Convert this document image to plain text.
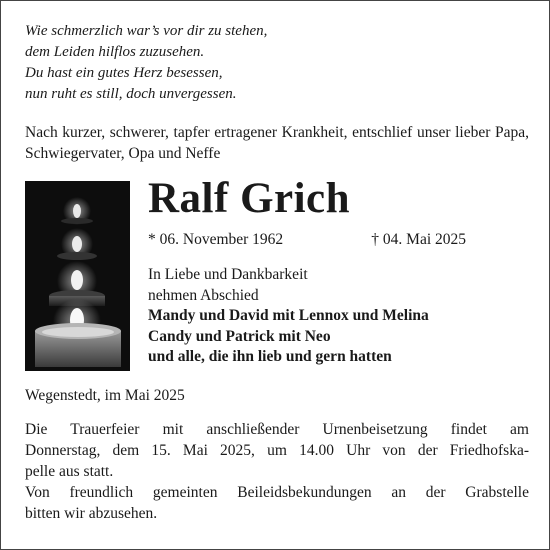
Wie schmerzlich war’s vor dir zu stehen,
dem Leiden hilflos zuzusehen.
Du hast ein gutes Herz besessen,
nun ruht es still, doch unvergessen.
Nach kurzer, schwerer, tapfer ertragener Krankheit, entschlief unser lieber Papa, Schwiegervater, Opa und Neffe
Ralf Grich
* 06. November 1962	† 04. Mai 2025
In Liebe und Dankbarkeit
nehmen Abschied
Mandy und David mit Lennox und Melina
Candy und Patrick mit Neo
und alle, die ihn lieb und gern hatten
Wegenstedt, im Mai 2025
Die Trauerfeier mit anschließender Urnenbeisetzung findet am
Donnerstag, dem 15. Mai 2025, um 14.00 Uhr von der Friedhofska-
pelle aus statt.
Von freundlich gemeinten Beileidsbekundungen an der Grabstelle
bitten wir abzusehen.
